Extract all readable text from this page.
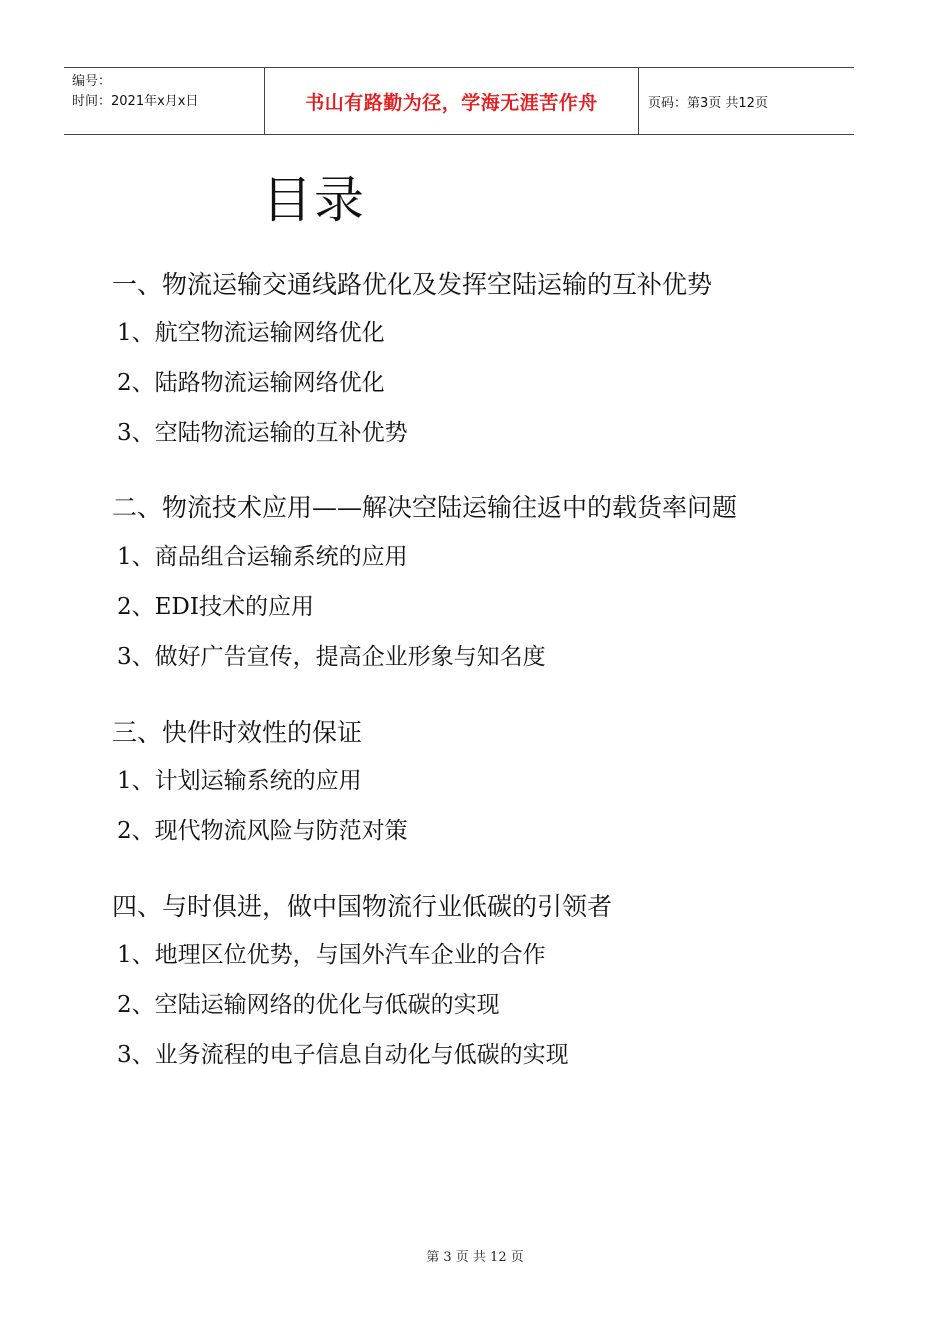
编号：
时间：2021年x月x日	书山有路勤为径，学海无涯苦作舟	页码：第3页 共12页
目录
一、物流运输交通线路优化及发挥空陆运输的互补优势
1、航空物流运输网络优化
2、陆路物流运输网络优化
3、空陆物流运输的互补优势
二、物流技术应用——解决空陆运输往返中的载货率问题
1、商品组合运输系统的应用
2、EDI技术的应用
3、做好广告宣传，提高企业形象与知名度
三、快件时效性的保证
1、计划运输系统的应用
2、现代物流风险与防范对策
四、与时俱进，做中国物流行业低碳的引领者
1、地理区位优势，与国外汽车企业的合作
2、空陆运输网络的优化与低碳的实现
3、业务流程的电子信息自动化与低碳的实现
第 3 页 共 12 页
